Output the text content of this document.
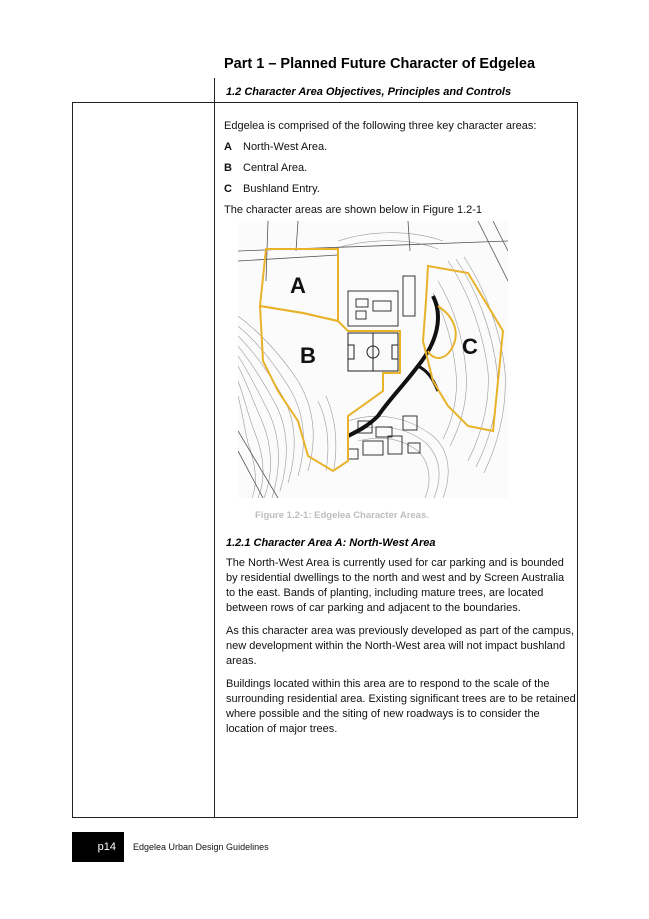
Part 1 – Planned Future Character of Edgelea
1.2 Character Area Objectives, Principles and Controls
Edgelea is comprised of the following three key character areas:
A	North-West Area.
B	Central Area.
C	Bushland Entry.
The character areas are shown below in Figure 1.2-1
A
B	C
Figure 1.2-1: Edgelea Character Areas.
1.2.1 Character Area A: North-West Area

The North-West Area is currently used for car parking and is bounded by residential dwellings to the north and west and by Screen Australia to the east. Bands of planting, including mature trees, are located between rows of car parking and adjacent to the boundaries.

As this character area was previously developed as part of the campus, new development within the North-West area will not impact bushland areas.

Buildings located within this area are to respond to the scale of the surrounding residential area. Existing significant trees are to be retained where possible and the siting of new roadways is to consider the location of major trees.

p14 Edgelea Urban Design Guidelines
